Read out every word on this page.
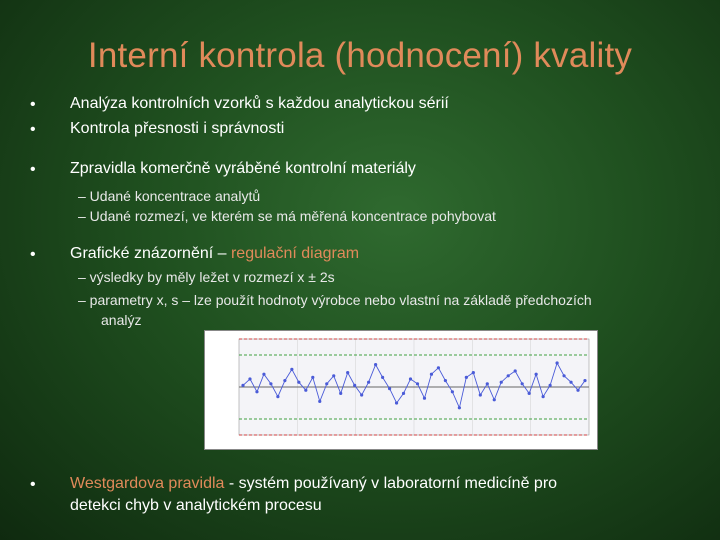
Interní kontrola (hodnocení) kvality
• Analýza kontrolních vzorků s každou analytickou sérií
• Kontrola přesnosti i správnosti
• Zpravidla komerčně vyráběné kontrolní materiály
– Udané koncentrace analytů
– Udané rozmezí, ve kterém se má měřená koncentrace pohybovat
• Grafické znázornění – regulační diagram
– výsledky by měly ležet v rozmezí x ± 2s
– parametry x, s – lze použít hodnoty výrobce nebo vlastní na základě předchozích
analýz
• Westgardova pravidla - systém používaný v laboratorní medicíně pro
detekci chyb v analytickém procesu
